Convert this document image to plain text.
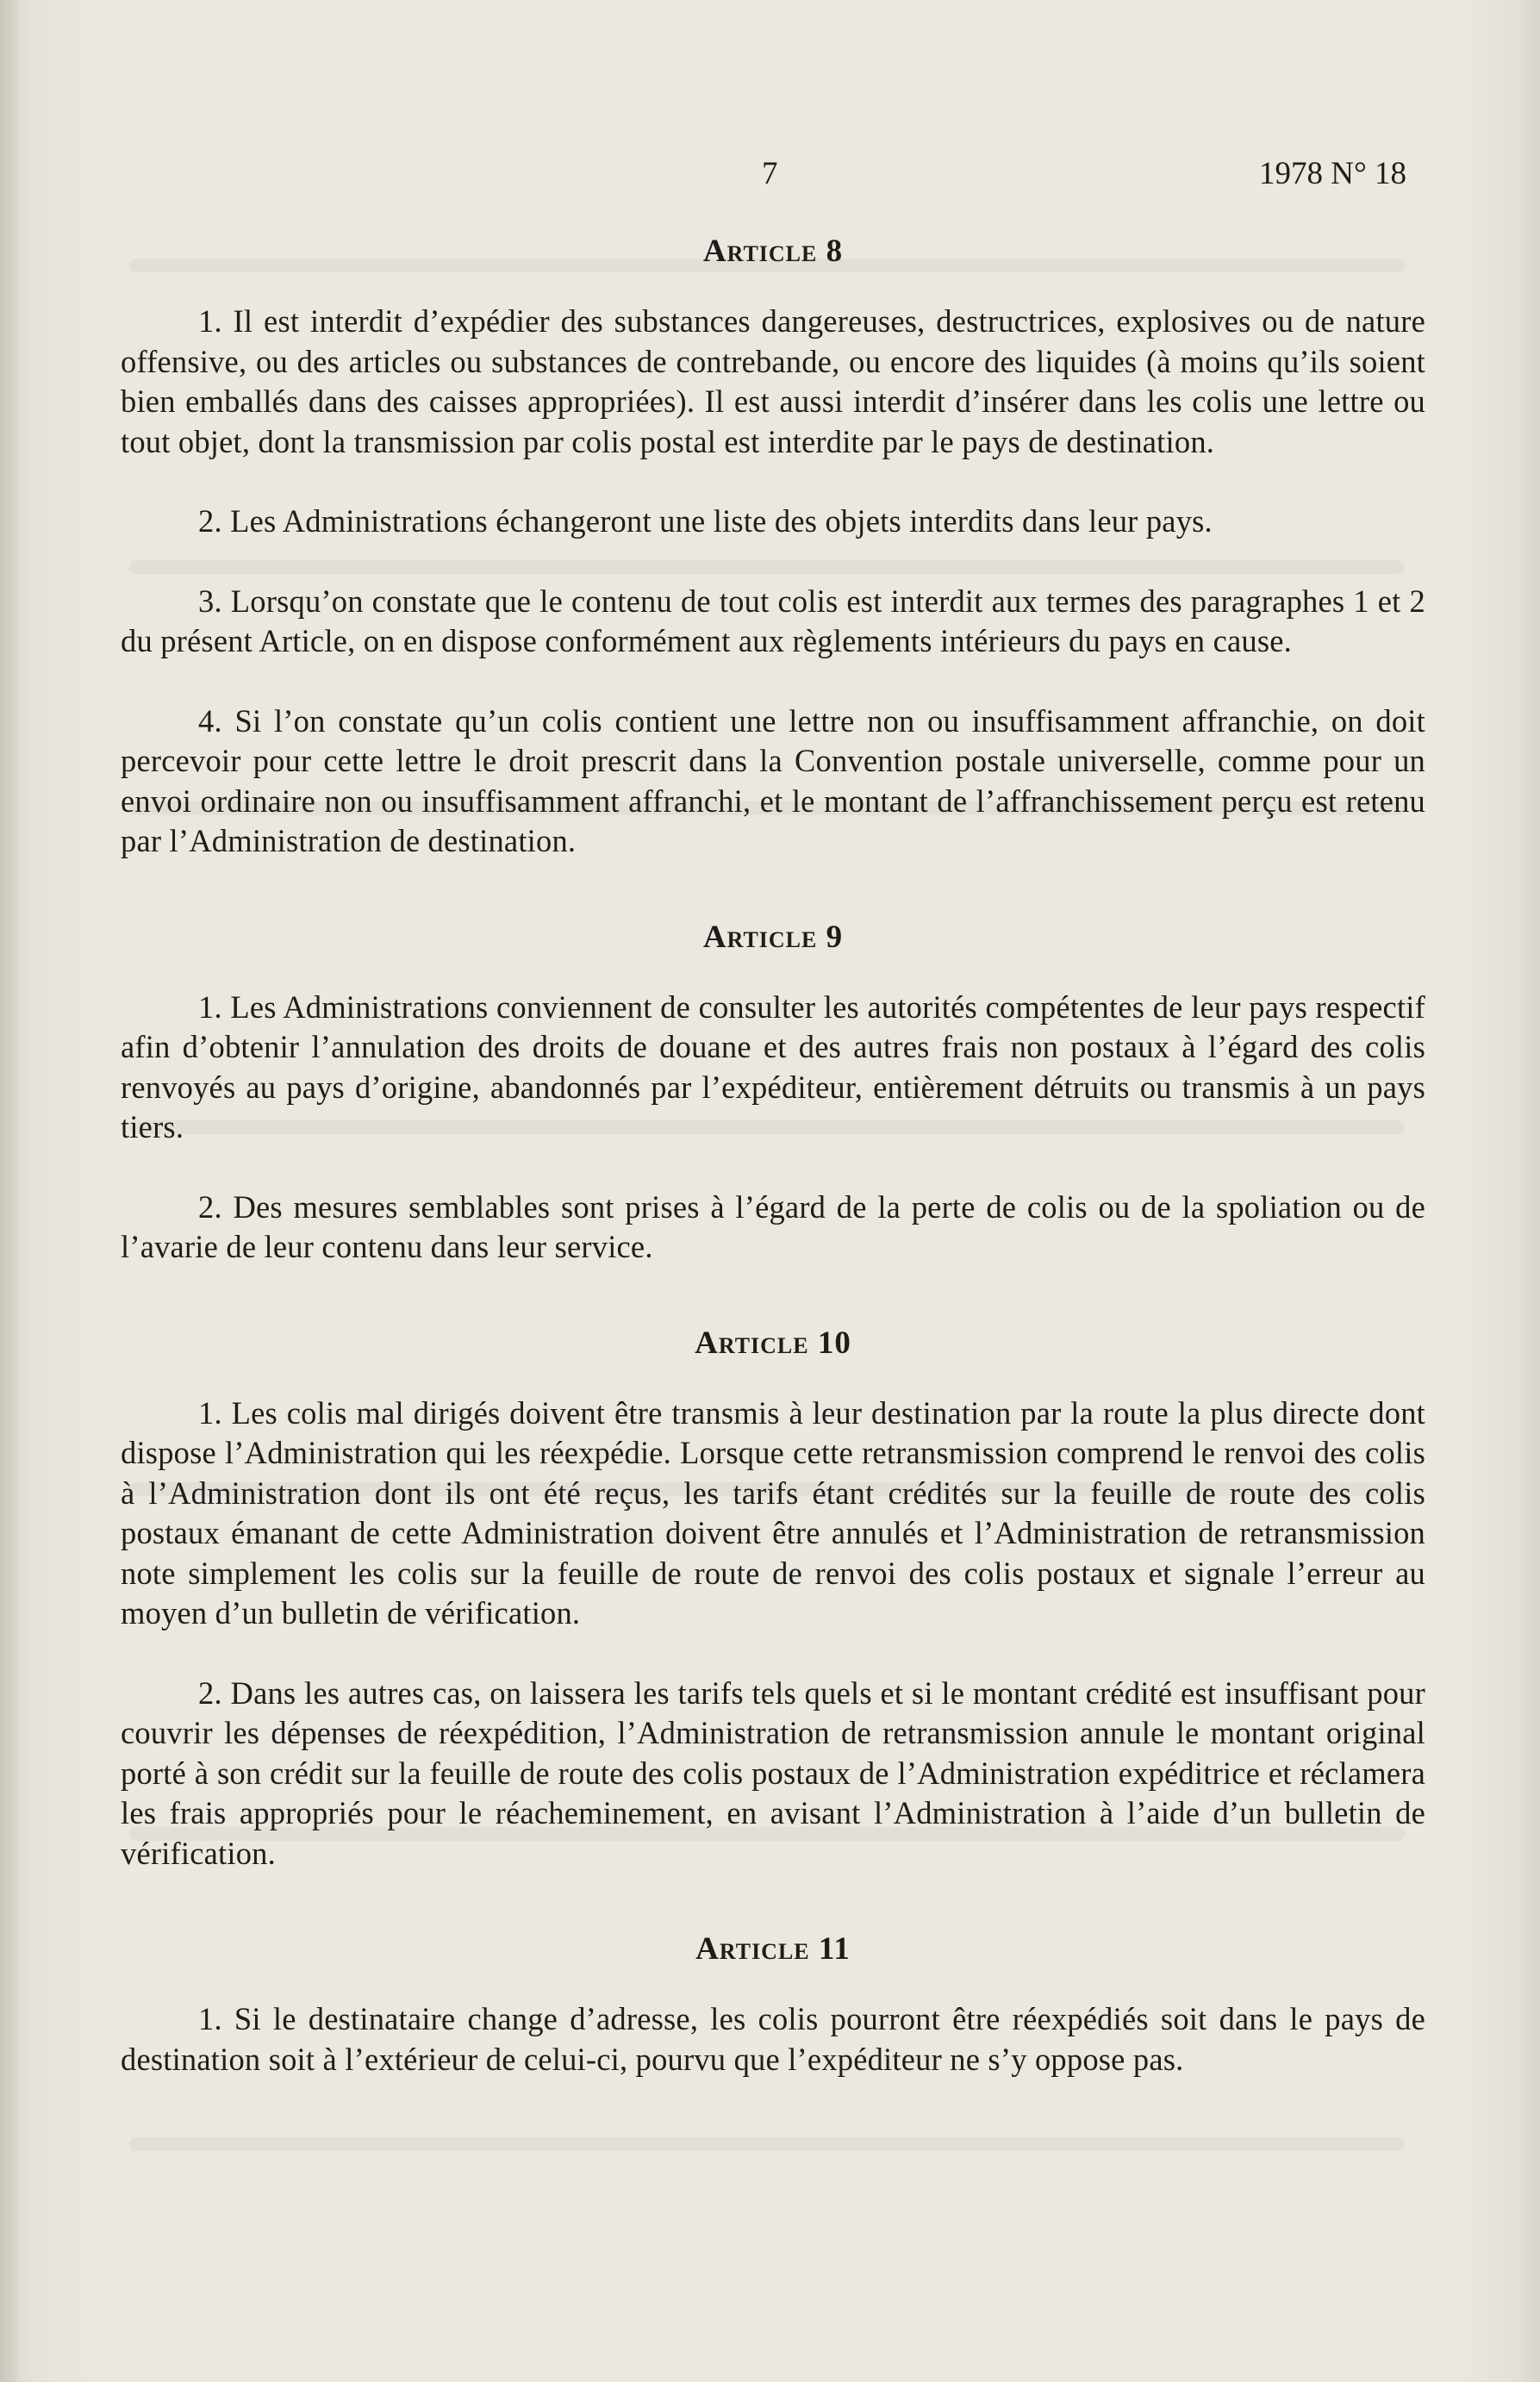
7	1978 N° 18
Article 8

1. Il est interdit d’expédier des substances dangereuses, destructrices, explosives ou de nature offensive, ou des articles ou substances de contrebande, ou encore des liquides (à moins qu’ils soient bien emballés dans des caisses appropriées). Il est aussi interdit d’insérer dans les colis une lettre ou tout objet, dont la transmission par colis postal est interdite par le pays de destination.

2. Les Administrations échangeront une liste des objets interdits dans leur pays.

3. Lorsqu’on constate que le contenu de tout colis est interdit aux termes des paragraphes 1 et 2 du présent Article, on en dispose conformément aux règlements intérieurs du pays en cause.

4. Si l’on constate qu’un colis contient une lettre non ou insuffisamment affranchie, on doit percevoir pour cette lettre le droit prescrit dans la Convention postale universelle, comme pour un envoi ordinaire non ou insuffisamment affranchi, et le montant de l’affranchissement perçu est retenu par l’Administration de destination.

Article 9

1. Les Administrations conviennent de consulter les autorités compétentes de leur pays respectif afin d’obtenir l’annulation des droits de douane et des autres frais non postaux à l’égard des colis renvoyés au pays d’origine, abandonnés par l’expéditeur, entièrement détruits ou transmis à un pays tiers.

2. Des mesures semblables sont prises à l’égard de la perte de colis ou de la spoliation ou de l’avarie de leur contenu dans leur service.

Article 10

1. Les colis mal dirigés doivent être transmis à leur destination par la route la plus directe dont dispose l’Administration qui les réexpédie. Lorsque cette retransmission comprend le renvoi des colis à l’Administration dont ils ont été reçus, les tarifs étant crédités sur la feuille de route des colis postaux émanant de cette Administration doivent être annulés et l’Administration de retransmission note simplement les colis sur la feuille de route de renvoi des colis postaux et signale l’erreur au moyen d’un bulletin de vérification.

2. Dans les autres cas, on laissera les tarifs tels quels et si le montant crédité est insuffisant pour couvrir les dépenses de réexpédition, l’Administration de retransmission annule le montant original porté à son crédit sur la feuille de route des colis postaux de l’Administration expéditrice et réclamera les frais appropriés pour le réacheminement, en avisant l’Administration à l’aide d’un bulletin de vérification.

Article 11

1. Si le destinataire change d’adresse, les colis pourront être réexpédiés soit dans le pays de destination soit à l’extérieur de celui-ci, pourvu que l’expéditeur ne s’y oppose pas.
